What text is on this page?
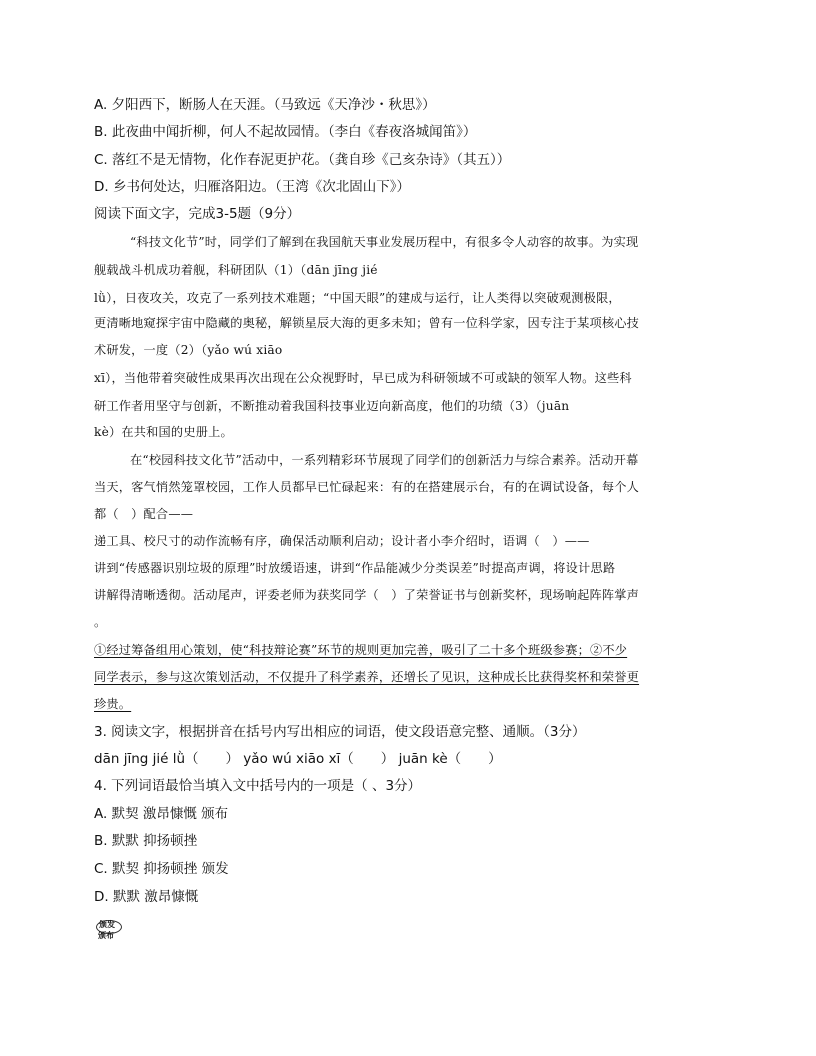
A. 夕阳西下，断肠人在天涯。（马致远《天净沙・秋思》）
B. 此夜曲中闻折柳，何人不起故园情。（李白《春夜洛城闻笛》）
C. 落红不是无情物，化作春泥更护花。（龚自珍《己亥杂诗》（其五））
D. 乡书何处达，归雁洛阳边。（王湾《次北固山下》）
阅读下面文字，完成3-5题（9分）
“科技文化节”时，同学们了解到在我国航天事业发展历程中，有很多令人动容的故事。为实现
舰载战斗机成功着舰，科研团队（1）（dān jīng jié
lǜ），日夜攻关，攻克了一系列技术难题；“中国天眼”的建成与运行，让人类得以突破观测极限，
更清晰地窥探宇宙中隐藏的奥秘，解锁星辰大海的更多未知；曾有一位科学家，因专注于某项核心技
术研发，一度（2）（yǎo wú xiāo
xī），当他带着突破性成果再次出现在公众视野时，早已成为科研领域不可或缺的领军人物。这些科
研工作者用坚守与创新，不断推动着我国科技事业迈向新高度，他们的功绩（3）（juān
kè）在共和国的史册上。
在“校园科技文化节”活动中，一系列精彩环节展现了同学们的创新活力与综合素养。活动开幕
当天，客气悄然笼罩校园，工作人员都早已忙碌起来：有的在搭建展示台，有的在调试设备，每个人
都（　）配合——
递工具、校尺寸的动作流畅有序，确保活动顺利启动；设计者小李介绍时，语调（　）——
讲到“传感器识别垃圾的原理”时放缓语速，讲到“作品能减少分类误差”时提高声调，将设计思路
讲解得清晰透彻。活动尾声，评委老师为获奖同学（　）了荣誉证书与创新奖杯，现场响起阵阵掌声
。
①经过筹备组用心策划，使“科技辩论赛”环节的规则更加完善，吸引了二十多个班级参赛；②不少
同学表示，参与这次策划活动，不仅提升了科学素养，还增长了见识，这种成长比获得奖杯和荣誉更
珍贵。
3. 阅读文字，根据拼音在括号内写出相应的词语，使文段语意完整、通顺。（3分）
dān jīng jié lǜ（　　） yǎo wú xiāo xī（　　） juān kè（　　）
4. 下列词语最恰当填入文中括号内的一项是（ 、3分）
A. 默契 激昂慷慨 颁布
B. 默默 抑扬顿挫
C. 默契 抑扬顿挫 颁发
D. 默默 激昂慷慨
颁发
颁布
